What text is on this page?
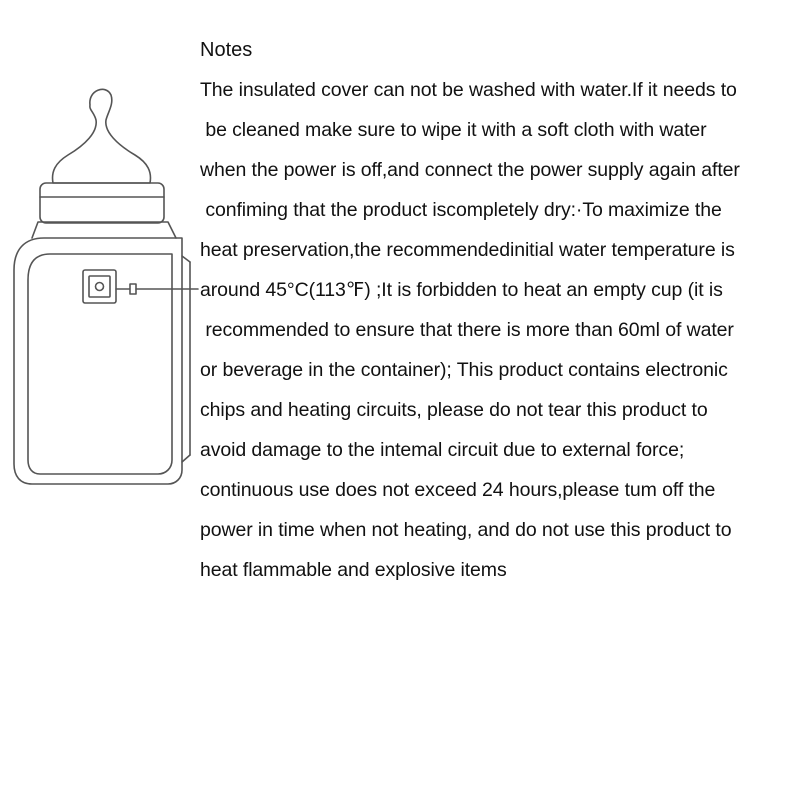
Notes
The insulated cover can not be washed with water.If it needs to
be cleaned make sure to wipe it with a soft cloth with water
when the power is off,and connect the power supply again after
confiming that the product iscompletely dry:·To maximize the
heat preservation,the recommendedinitial water temperature is
around 45°C(113℉) ;It is forbidden to heat an empty cup (it is
recommended to ensure that there is more than 60ml of water
or beverage in the container); This product contains electronic
chips and heating circuits, please do not tear this product to
avoid damage to the intemal circuit due to external force;
continuous use does not exceed 24 hours,please tum off the
power in time when not heating, and do not use this product to
heat flammable and explosive items
